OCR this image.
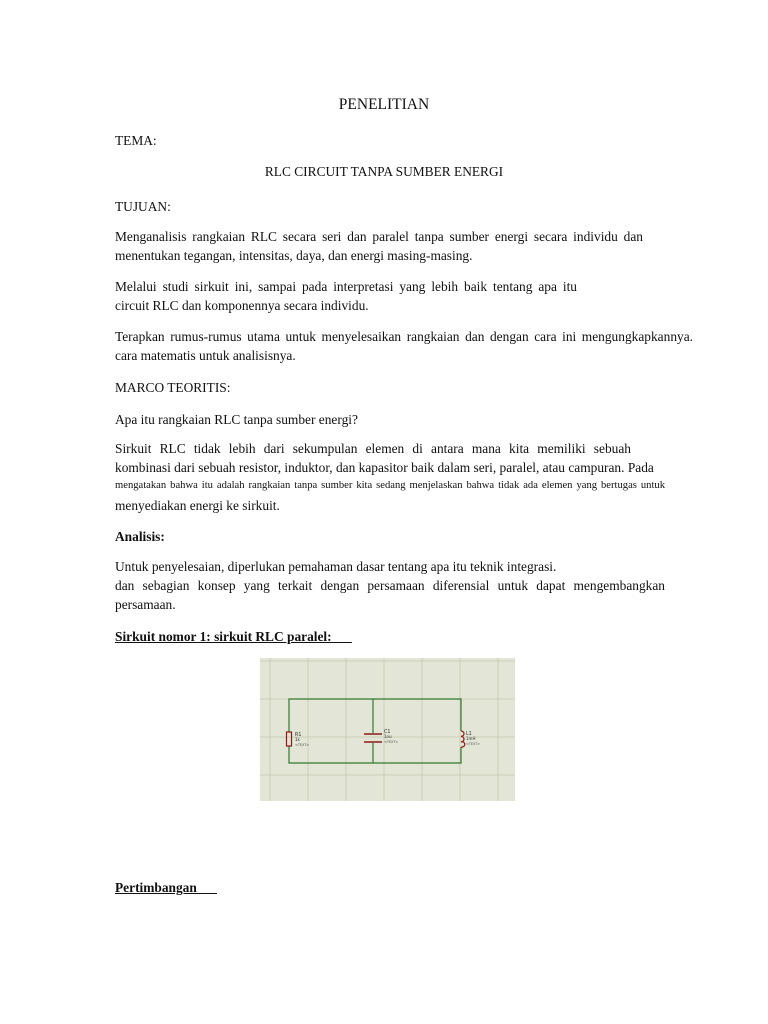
PENELITIAN
TEMA:
RLC CIRCUIT TANPA SUMBER ENERGI
TUJUAN:
Menganalisis rangkaian RLC secara seri dan paralel tanpa sumber energi secara individu dan
menentukan tegangan, intensitas, daya, dan energi masing-masing.
Melalui studi sirkuit ini, sampai pada interpretasi yang lebih baik tentang apa itu
circuit RLC dan komponennya secara individu.
Terapkan rumus-rumus utama untuk menyelesaikan rangkaian dan dengan cara ini mengungkapkannya.
cara matematis untuk analisisnya.
MARCO TEORITIS:
Apa itu rangkaian RLC tanpa sumber energi?
Sirkuit RLC tidak lebih dari sekumpulan elemen di antara mana kita memiliki sebuah
kombinasi dari sebuah resistor, induktor, dan kapasitor baik dalam seri, paralel, atau campuran. Pada
mengatakan bahwa itu adalah rangkaian tanpa sumber kita sedang menjelaskan bahwa tidak ada elemen yang bertugas untuk
menyediakan energi ke sirkuit.
Analisis:
Untuk penyelesaian, diperlukan pemahaman dasar tentang apa itu teknik integrasi.
dan sebagian konsep yang terkait dengan persamaan diferensial untuk dapat mengembangkan
persamaan.
Sirkuit nomor 1: sirkuit RLC paralel:
R1
1k
<TEXT>
C1
1nu
<TEXT>
L1
1mH
<TEXT>
Pertimbangan
